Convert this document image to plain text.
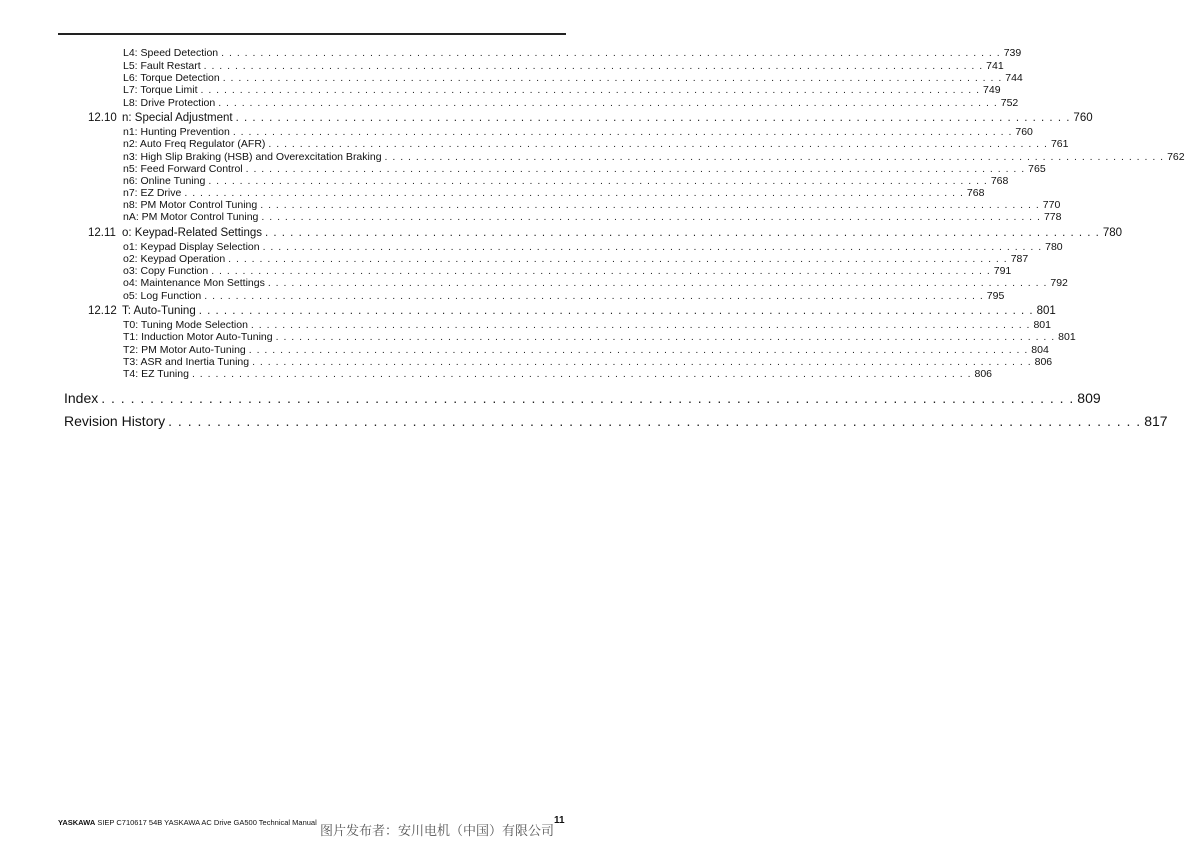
L4: Speed Detection . . . . . . . . . . . . . . . . . . . . . . . . . . . . . . . . . . . . . . . . . . . . . . . . . . . . . . . . . . . . . . . . . . . . . . . . . . . . . . . . . . . . . . . . . . . . . . . . . . . . 739
L5: Fault Restart . . . . . . . . . . . . . . . . . . . . . . . . . . . . . . . . . . . . . . . . . . . . . . . . . . . . . . . . . . . . . . . . . . . . . . . . . . . . . . . . . . . . . . . . . . . . . . . . . . . . 741
L6: Torque Detection . . . . . . . . . . . . . . . . . . . . . . . . . . . . . . . . . . . . . . . . . . . . . . . . . . . . . . . . . . . . . . . . . . . . . . . . . . . . . . . . . . . . . . . . . . . . . . . . . . . . 744
L7: Torque Limit . . . . . . . . . . . . . . . . . . . . . . . . . . . . . . . . . . . . . . . . . . . . . . . . . . . . . . . . . . . . . . . . . . . . . . . . . . . . . . . . . . . . . . . . . . . . . . . . . . . . 749
L8: Drive Protection . . . . . . . . . . . . . . . . . . . . . . . . . . . . . . . . . . . . . . . . . . . . . . . . . . . . . . . . . . . . . . . . . . . . . . . . . . . . . . . . . . . . . . . . . . . . . . . . . . . . 752
12.10 n: Special Adjustment . . . . . . . . . . . . . . . . . . . . . . . . . . . . . . . . . . . . . . . . . . . . . . . . . . . . . . . . . . . . . . . . . . . . . . . . . . . . . . . . . . . . . . . . . . . . . . . . . . . . 760
n1: Hunting Prevention . . . . . . . . . . . . . . . . . . . . . . . . . . . . . . . . . . . . . . . . . . . . . . . . . . . . . . . . . . . . . . . . . . . . . . . . . . . . . . . . . . . . . . . . . . . . . . . . . . . . 760
n2: Auto Freq Regulator (AFR) . . . . . . . . . . . . . . . . . . . . . . . . . . . . . . . . . . . . . . . . . . . . . . . . . . . . . . . . . . . . . . . . . . . . . . . . . . . . . . . . . . . . . . . . . . . . . . . . . . . . 761
n3: High Slip Braking (HSB) and Overexcitation Braking . . . . . . . . . . . . . . . . . . . . . . . . . . . . . . . . . . . . . . . . . . . . . . . . . . . . . . . . . . . . . . . . . . . . . . . . . . . . . . . . . . . . . . . . . . . . . . . . . . . . 762
n5: Feed Forward Control . . . . . . . . . . . . . . . . . . . . . . . . . . . . . . . . . . . . . . . . . . . . . . . . . . . . . . . . . . . . . . . . . . . . . . . . . . . . . . . . . . . . . . . . . . . . . . . . . . . . 765
n6: Online Tuning . . . . . . . . . . . . . . . . . . . . . . . . . . . . . . . . . . . . . . . . . . . . . . . . . . . . . . . . . . . . . . . . . . . . . . . . . . . . . . . . . . . . . . . . . . . . . . . . . . . . 768
n7: EZ Drive . . . . . . . . . . . . . . . . . . . . . . . . . . . . . . . . . . . . . . . . . . . . . . . . . . . . . . . . . . . . . . . . . . . . . . . . . . . . . . . . . . . . . . . . . . . . . . . . . . . . 768
n8: PM Motor Control Tuning . . . . . . . . . . . . . . . . . . . . . . . . . . . . . . . . . . . . . . . . . . . . . . . . . . . . . . . . . . . . . . . . . . . . . . . . . . . . . . . . . . . . . . . . . . . . . . . . . . . . 770
nA: PM Motor Control Tuning . . . . . . . . . . . . . . . . . . . . . . . . . . . . . . . . . . . . . . . . . . . . . . . . . . . . . . . . . . . . . . . . . . . . . . . . . . . . . . . . . . . . . . . . . . . . . . . . . . . . 778
12.11 o: Keypad-Related Settings . . . . . . . . . . . . . . . . . . . . . . . . . . . . . . . . . . . . . . . . . . . . . . . . . . . . . . . . . . . . . . . . . . . . . . . . . . . . . . . . . . . . . . . . . . . . . . . . . . . . 780
o1: Keypad Display Selection . . . . . . . . . . . . . . . . . . . . . . . . . . . . . . . . . . . . . . . . . . . . . . . . . . . . . . . . . . . . . . . . . . . . . . . . . . . . . . . . . . . . . . . . . . . . . . . . . . . . 780
o2: Keypad Operation . . . . . . . . . . . . . . . . . . . . . . . . . . . . . . . . . . . . . . . . . . . . . . . . . . . . . . . . . . . . . . . . . . . . . . . . . . . . . . . . . . . . . . . . . . . . . . . . . . . . 787
o3: Copy Function . . . . . . . . . . . . . . . . . . . . . . . . . . . . . . . . . . . . . . . . . . . . . . . . . . . . . . . . . . . . . . . . . . . . . . . . . . . . . . . . . . . . . . . . . . . . . . . . . . . . 791
o4: Maintenance Mon Settings . . . . . . . . . . . . . . . . . . . . . . . . . . . . . . . . . . . . . . . . . . . . . . . . . . . . . . . . . . . . . . . . . . . . . . . . . . . . . . . . . . . . . . . . . . . . . . . . . . . . 792
o5: Log Function . . . . . . . . . . . . . . . . . . . . . . . . . . . . . . . . . . . . . . . . . . . . . . . . . . . . . . . . . . . . . . . . . . . . . . . . . . . . . . . . . . . . . . . . . . . . . . . . . . . . 795
12.12 T: Auto-Tuning . . . . . . . . . . . . . . . . . . . . . . . . . . . . . . . . . . . . . . . . . . . . . . . . . . . . . . . . . . . . . . . . . . . . . . . . . . . . . . . . . . . . . . . . . . . . . . . . . . . . 801
T0: Tuning Mode Selection . . . . . . . . . . . . . . . . . . . . . . . . . . . . . . . . . . . . . . . . . . . . . . . . . . . . . . . . . . . . . . . . . . . . . . . . . . . . . . . . . . . . . . . . . . . . . . . . . . . . 801
T1: Induction Motor Auto-Tuning . . . . . . . . . . . . . . . . . . . . . . . . . . . . . . . . . . . . . . . . . . . . . . . . . . . . . . . . . . . . . . . . . . . . . . . . . . . . . . . . . . . . . . . . . . . . . . . . . . . . 801
T2: PM Motor Auto-Tuning . . . . . . . . . . . . . . . . . . . . . . . . . . . . . . . . . . . . . . . . . . . . . . . . . . . . . . . . . . . . . . . . . . . . . . . . . . . . . . . . . . . . . . . . . . . . . . . . . . . . 804
T3: ASR and Inertia Tuning . . . . . . . . . . . . . . . . . . . . . . . . . . . . . . . . . . . . . . . . . . . . . . . . . . . . . . . . . . . . . . . . . . . . . . . . . . . . . . . . . . . . . . . . . . . . . . . . . . . . 806
T4: EZ Tuning . . . . . . . . . . . . . . . . . . . . . . . . . . . . . . . . . . . . . . . . . . . . . . . . . . . . . . . . . . . . . . . . . . . . . . . . . . . . . . . . . . . . . . . . . . . . . . . . . . . . 806
Index . . . . . . . . . . . . . . . . . . . . . . . . . . . . . . . . . . . . . . . . . . . . . . . . . . . . . . . . . . . . . . . . . . . . . . . . . . . . . . . . . . . . . . . . . . . . . . . . . . . . 809
Revision History . . . . . . . . . . . . . . . . . . . . . . . . . . . . . . . . . . . . . . . . . . . . . . . . . . . . . . . . . . . . . . . . . . . . . . . . . . . . . . . . . . . . . . . . . . . . . . . . . . . . 817
YASKAWA SIEP C710617 54B YASKAWA AC Drive GA500 Technical Manual	11
图片发布者：安川电机（中国）有限公司
